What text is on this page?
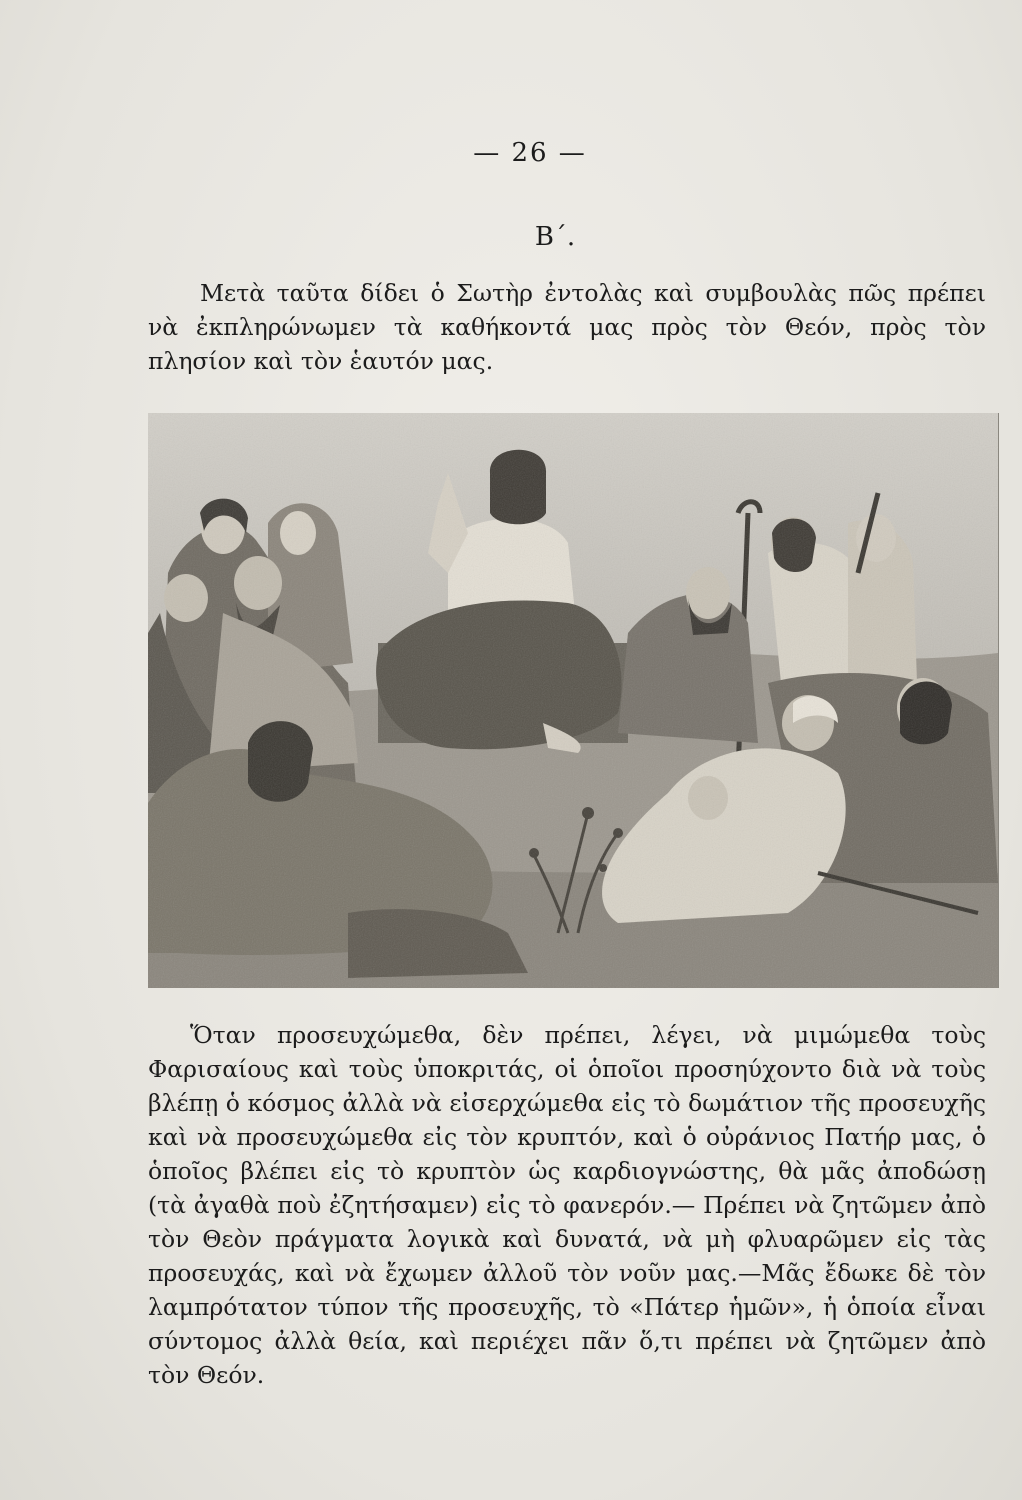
— 26 —
Β΄.

Μετὰ ταῦτα δίδει ὁ Σωτὴρ ἐντολὰς καὶ συμβουλὰς πῶς πρέπει νὰ ἐκπληρώνωμεν τὰ καθήκοντά μας πρὸς τὸν Θεόν, πρὸς τὸν πλησίον καὶ τὸν ἑαυτόν μας.

Ὅταν προσευχώμεθα, δὲν πρέπει, λέγει, νὰ μιμώμεθα τοὺς Φαρισαίους καὶ τοὺς ὑποκριτάς, οἱ ὁποῖοι προσηύχοντο διὰ νὰ τοὺς βλέπῃ ὁ κόσμος ἀλλὰ νὰ εἰσερχώμεθα εἰς τὸ δωμάτιον τῆς προσευχῆς καὶ νὰ προσευχώμεθα εἰς τὸν κρυπτόν, καὶ ὁ οὐράνιος Πατήρ μας, ὁ ὁποῖος βλέπει εἰς τὸ κρυπτὸν ὡς καρδιογνώστης, θὰ μᾶς ἀποδώσῃ (τὰ ἀγαθὰ ποὺ ἐζητήσαμεν) εἰς τὸ φανερόν.— Πρέπει νὰ ζητῶμεν ἀπὸ τὸν Θεὸν πράγματα λογικὰ καὶ δυνατά, νὰ μὴ φλυαρῶμεν εἰς τὰς προσευχάς, καὶ νὰ ἔχωμεν ἀλλοῦ τὸν νοῦν μας.—Μᾶς ἔδωκε δὲ τὸν λαμπρότατον τύπον τῆς προσευχῆς, τὸ «Πάτερ ἡμῶν», ἡ ὁποία εἶναι σύντομος ἀλλὰ θεία, καὶ περιέχει πᾶν ὅ,τι πρέπει νὰ ζητῶμεν ἀπὸ τὸν Θεόν.
